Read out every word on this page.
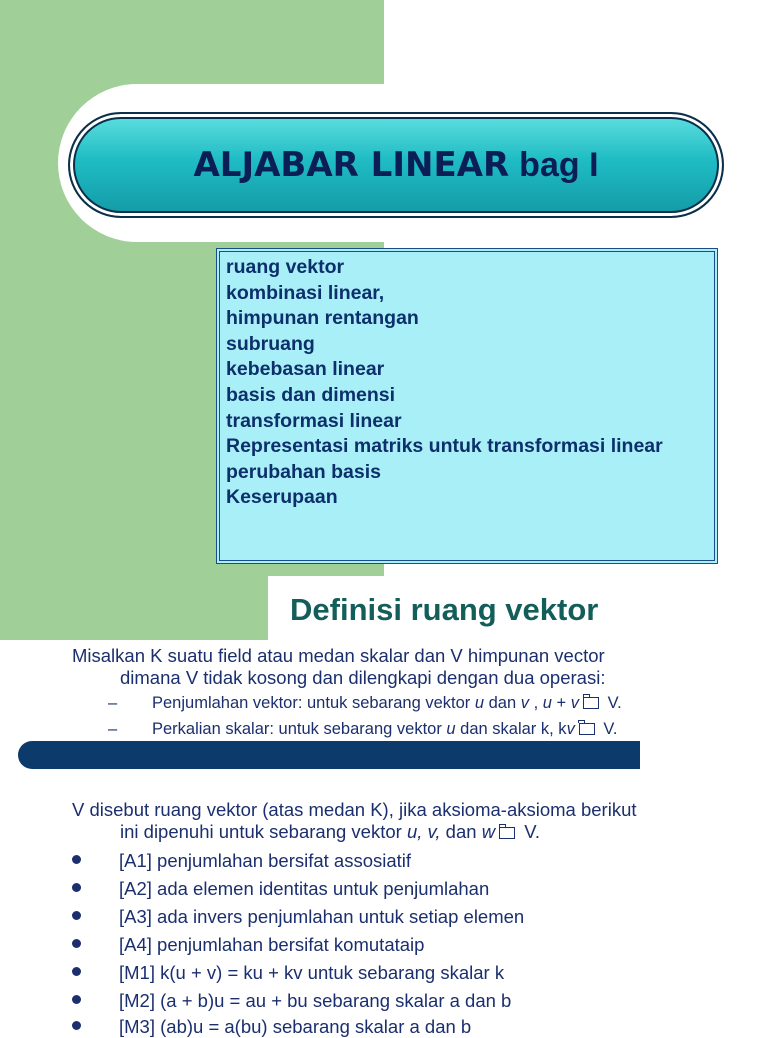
ALJABAR LINEAR bag I
ruang vektor
kombinasi linear,
himpunan rentangan
subruang
kebebasan linear
basis dan dimensi
transformasi linear
Representasi matriks untuk transformasi linear
perubahan basis
Keserupaan
Definisi ruang vektor
Misalkan K suatu field atau medan skalar dan V himpunan vector
dimana V tidak kosong dan dilengkapi dengan dua operasi:
– Penjumlahan vektor: untuk sebarang vektor u dan v , u + v V.
– Perkalian skalar: untuk sebarang vektor u dan skalar k, kv V.
V disebut ruang vektor (atas medan K), jika aksioma-aksioma berikut
ini dipenuhi untuk sebarang vektor u, v, dan w V.
[A1] penjumlahan bersifat assosiatif
[A2] ada elemen identitas untuk penjumlahan
[A3] ada invers penjumlahan untuk setiap elemen
[A4] penjumlahan bersifat komutataip
[M1] k(u + v) = ku + kv untuk sebarang skalar k
[M2] (a + b)u = au + bu sebarang skalar a dan b
[M3] (ab)u = a(bu) sebarang skalar a dan b
